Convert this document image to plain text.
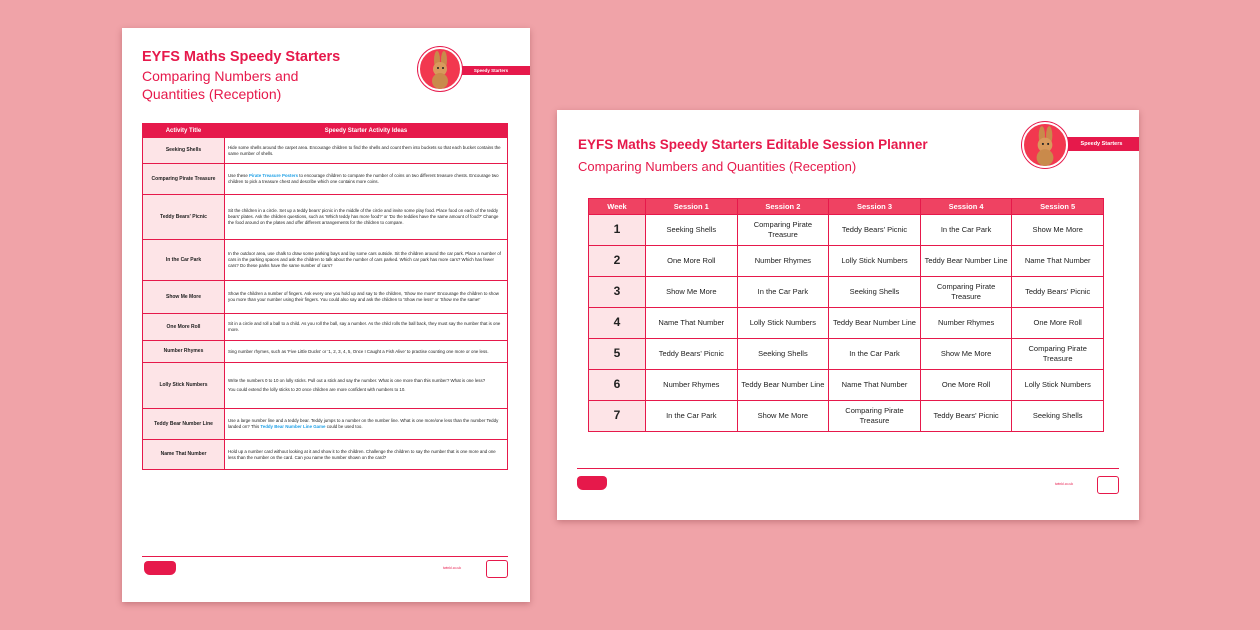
EYFS Maths Speedy Starters
Comparing Numbers and
Quantities (Reception)
Speedy Starters
Activity Title	Speedy Starter Activity Ideas
Seeking Shells	Hide some shells around the carpet area. Encourage children to find the shells and count them into buckets so that each bucket contains the same number of shells.
Comparing Pirate Treasure	Use these Pirate Treasure Posters to encourage children to compare the number of coins on two different treasure chests. Encourage two children to pick a treasure chest and describe which one contains more coins.
Teddy Bears' Picnic	Sit the children in a circle. Set up a teddy bears' picnic in the middle of the circle and invite some play food. Place food on each of the teddy bears' plates. Ask the children questions, such as 'Which teddy has more food?' or 'Do the teddies have the same amount of food?' Change the food around on the plates and offer different arrangements for the children to compare.
In the Car Park	In the outdoor area, use chalk to draw some parking bays and lay some cars outside. Sit the children around the car park. Place a number of cars in the parking spaces and ask the children to talk about the number of cars parked. Which car park has more cars? Which has fewer cars? Do these parks have the same number of cars?
Show Me More	Show the children a number of fingers. Ask every one you hold up and say to the children, 'Show me more!' Encourage the children to show you more than your number using their fingers. You could also say and ask the children to 'Show me less!' or 'Show me the same!'
One More Roll	Sit in a circle and roll a ball to a child. As you roll the ball, say a number. As the child rolls the ball back, they must say the number that is one more.
Number Rhymes	Sing number rhymes, such as 'Five Little Ducks' or '1, 2, 3, 4, 5, Once I Caught a Fish Alive' to practise counting one more or one less.
Lolly Stick Numbers	Write the numbers 0 to 10 on lolly sticks. Pull out a stick and say the number. What is one more than this number? What is one less?
You could extend the lolly sticks to 20 once children are more confident with numbers to 10.

Teddy Bear Number Line	Use a large number line and a teddy bear. Teddy jumps to a number on the number line. What is one more/one less than the number Teddy landed on? This Teddy Bear Number Line Game could be used too.
Name That Number	Hold up a number card without looking at it and show it to the children. Challenge the children to say the number that is one more and one less than the number on the card. Can you name the number shown on the card?
twinkl.co.uk
EYFS Maths Speedy Starters Editable Session Planner
Comparing Numbers and Quantities (Reception)
Speedy Starters
Week	Session 1	Session 2	Session 3	Session 4	Session 5
1	Seeking Shells	Comparing Pirate Treasure	Teddy Bears' Picnic	In the Car Park	Show Me More
2	One More Roll	Number Rhymes	Lolly Stick Numbers	Teddy Bear Number Line	Name That Number
3	Show Me More	In the Car Park	Seeking Shells	Comparing Pirate Treasure	Teddy Bears' Picnic
4	Name That Number	Lolly Stick Numbers	Teddy Bear Number Line	Number Rhymes	One More Roll
5	Teddy Bears' Picnic	Seeking Shells	In the Car Park	Show Me More	Comparing Pirate Treasure
6	Number Rhymes	Teddy Bear Number Line	Name That Number	One More Roll	Lolly Stick Numbers
7	In the Car Park	Show Me More	Comparing Pirate Treasure	Teddy Bears' Picnic	Seeking Shells
twinkl.co.uk
